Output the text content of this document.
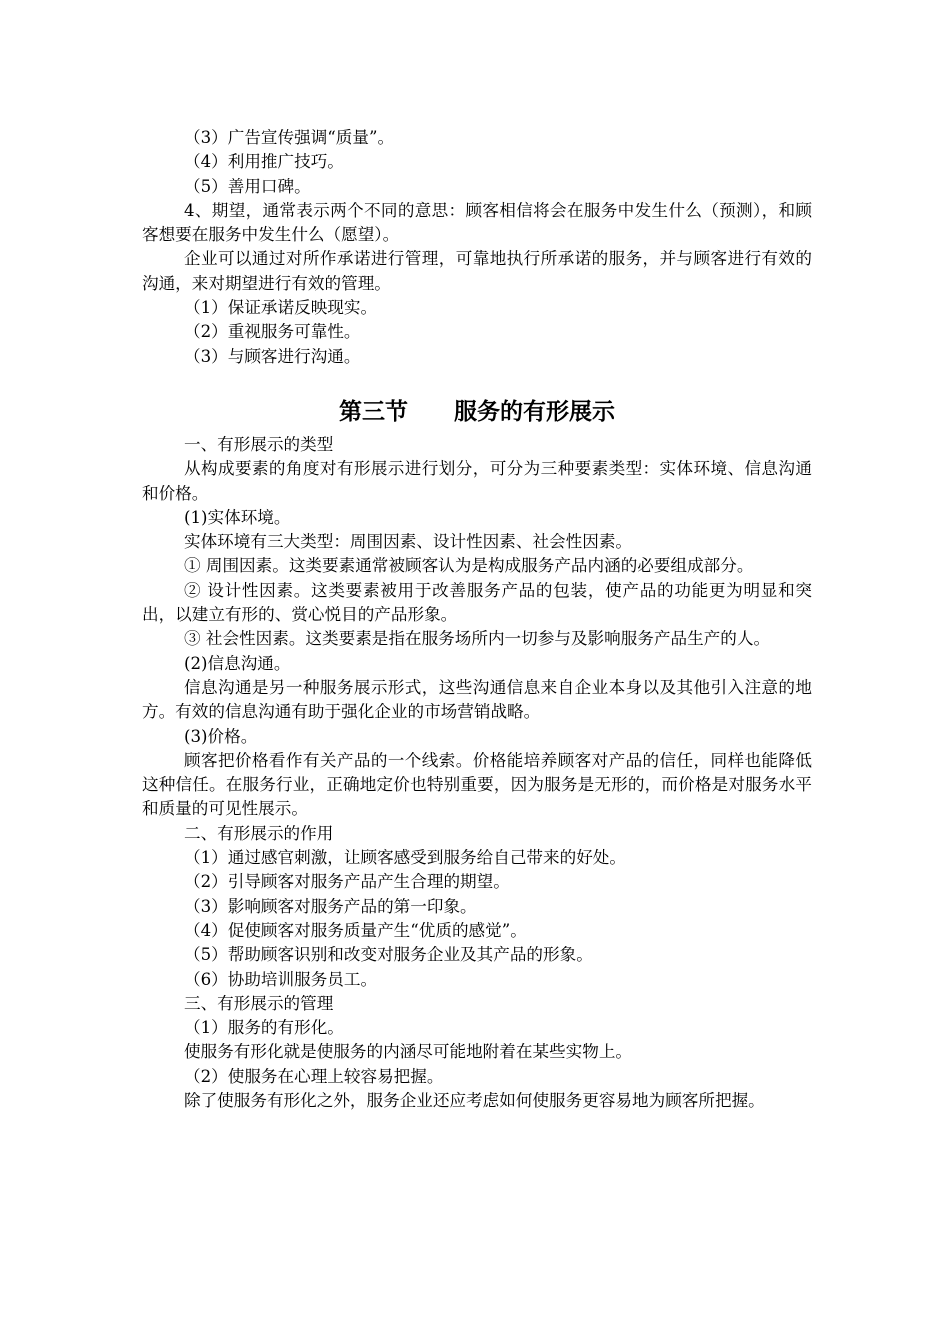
（3）广告宣传强调“质量”。

（4）利用推广技巧。

（5）善用口碑。

4、期望，通常表示两个不同的意思：顾客相信将会在服务中发生什么（预测），和顾客想要在服务中发生什么（愿望）。

企业可以通过对所作承诺进行管理，可靠地执行所承诺的服务，并与顾客进行有效的沟通，来对期望进行有效的管理。

（1）保证承诺反映现实。

（2）重视服务可靠性。

（3）与顾客进行沟通。

第三节　　服务的有形展示

一、有形展示的类型

从构成要素的角度对有形展示进行划分，可分为三种要素类型：实体环境、信息沟通和价格。

(1)实体环境。

实体环境有三大类型：周围因素、设计性因素、社会性因素。

① 周围因素。这类要素通常被顾客认为是构成服务产品内涵的必要组成部分。

② 设计性因素。这类要素被用于改善服务产品的包装，使产品的功能更为明显和突出，以建立有形的、赏心悦目的产品形象。

③ 社会性因素。这类要素是指在服务场所内一切参与及影响服务产品生产的人。

(2)信息沟通。

信息沟通是另一种服务展示形式，这些沟通信息来自企业本身以及其他引入注意的地方。有效的信息沟通有助于强化企业的市场营销战略。

(3)价格。

顾客把价格看作有关产品的一个线索。价格能培养顾客对产品的信任，同样也能降低这种信任。在服务行业，正确地定价也特别重要，因为服务是无形的，而价格是对服务水平和质量的可见性展示。

二、有形展示的作用

（1）通过感官刺激，让顾客感受到服务给自己带来的好处。

（2）引导顾客对服务产品产生合理的期望。

（3）影响顾客对服务产品的第一印象。

（4）促使顾客对服务质量产生“优质的感觉”。

（5）帮助顾客识别和改变对服务企业及其产品的形象。

（6）协助培训服务员工。

三、有形展示的管理

（1）服务的有形化。

使服务有形化就是使服务的内涵尽可能地附着在某些实物上。

（2）使服务在心理上较容易把握。

除了使服务有形化之外，服务企业还应考虑如何使服务更容易地为顾客所把握。
